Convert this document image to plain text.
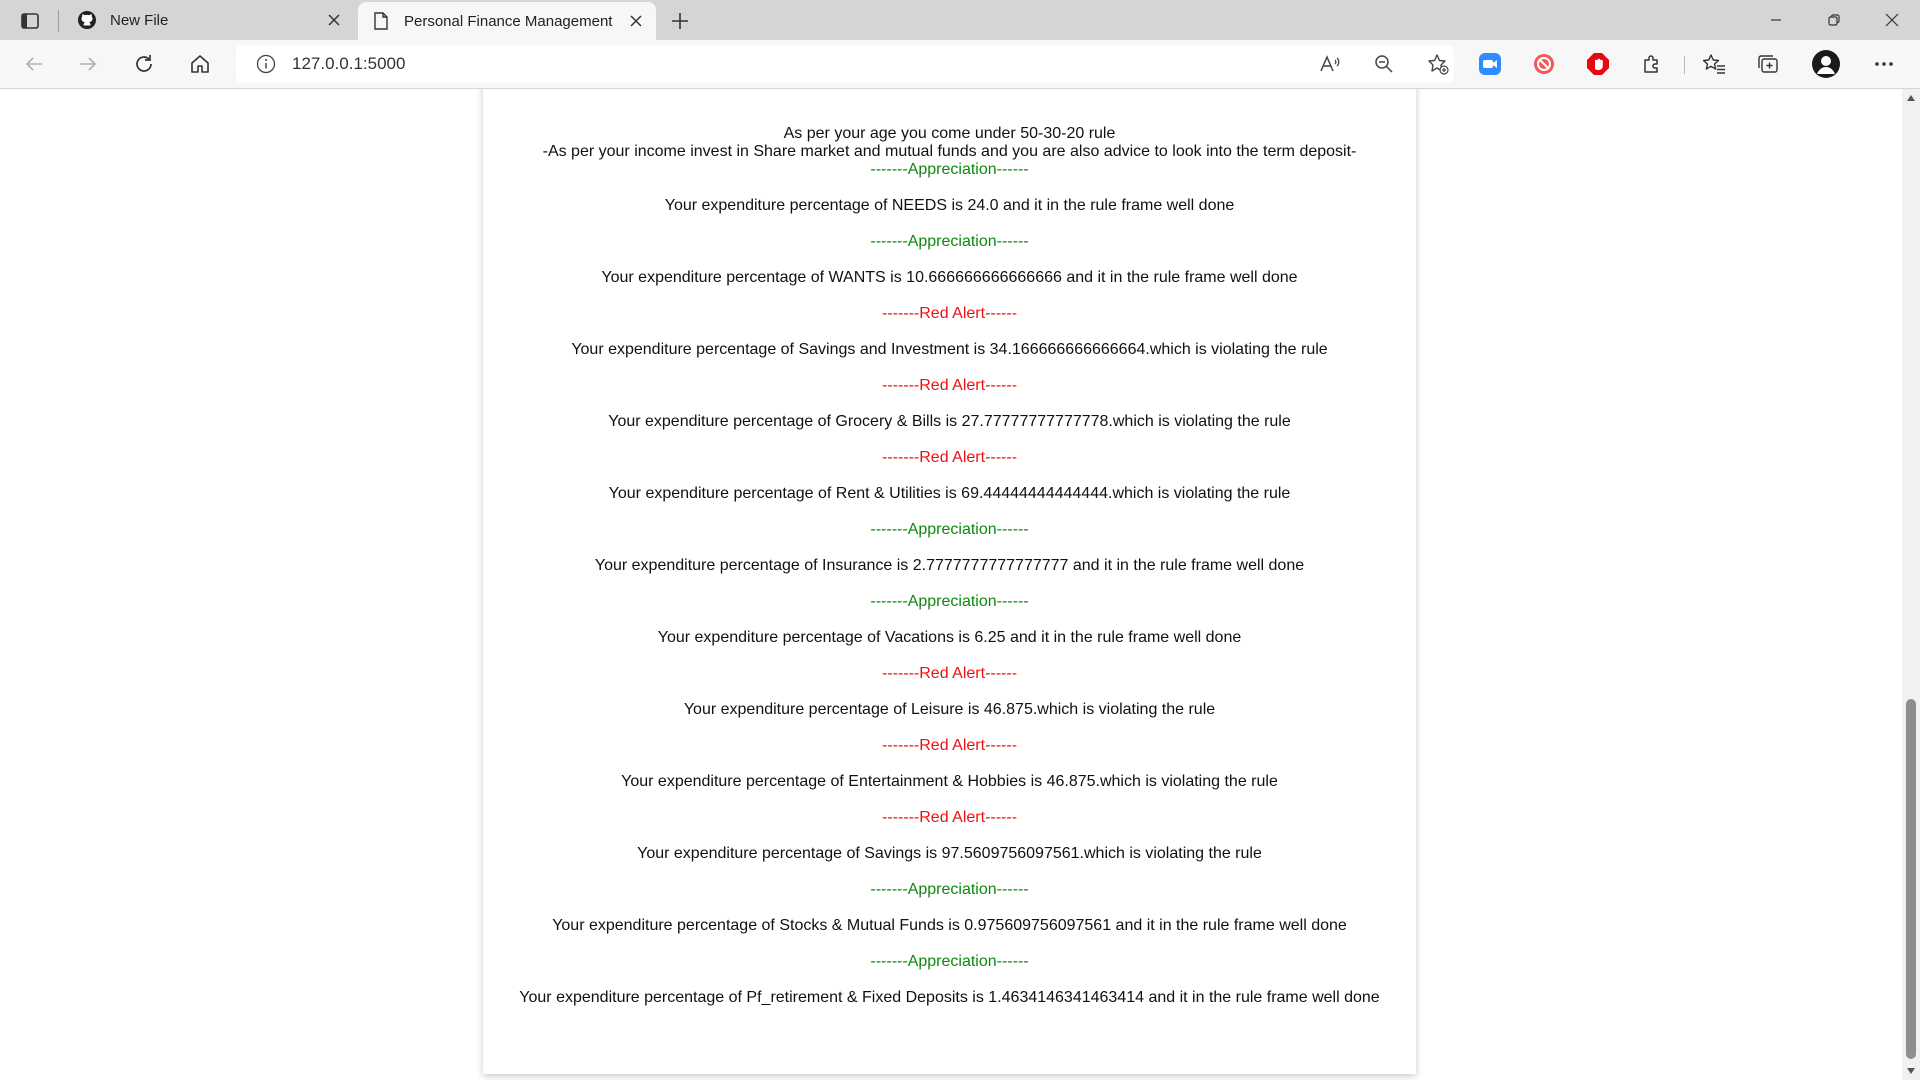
New File	Personal Finance Management
127.0.0.1:5000
As per your age you come under 50-30-20 rule
-As per your income invest in Share market and mutual funds and you are also advice to look into the term deposit-
-------Appreciation------
Your expenditure percentage of NEEDS is 24.0 and it in the rule frame well done
-------Appreciation------
Your expenditure percentage of WANTS is 10.666666666666666 and it in the rule frame well done
-------Red Alert------
Your expenditure percentage of Savings and Investment is 34.166666666666664.which is violating the rule
-------Red Alert------
Your expenditure percentage of Grocery & Bills is 27.77777777777778.which is violating the rule
-------Red Alert------
Your expenditure percentage of Rent & Utilities is 69.44444444444444.which is violating the rule
-------Appreciation------
Your expenditure percentage of Insurance is 2.7777777777777777 and it in the rule frame well done
-------Appreciation------
Your expenditure percentage of Vacations is 6.25 and it in the rule frame well done
-------Red Alert------
Your expenditure percentage of Leisure is 46.875.which is violating the rule
-------Red Alert------
Your expenditure percentage of Entertainment & Hobbies is 46.875.which is violating the rule
-------Red Alert------
Your expenditure percentage of Savings is 97.5609756097561.which is violating the rule
-------Appreciation------
Your expenditure percentage of Stocks & Mutual Funds is 0.975609756097561 and it in the rule frame well done
-------Appreciation------
Your expenditure percentage of Pf_retirement & Fixed Deposits is 1.4634146341463414 and it in the rule frame well done
